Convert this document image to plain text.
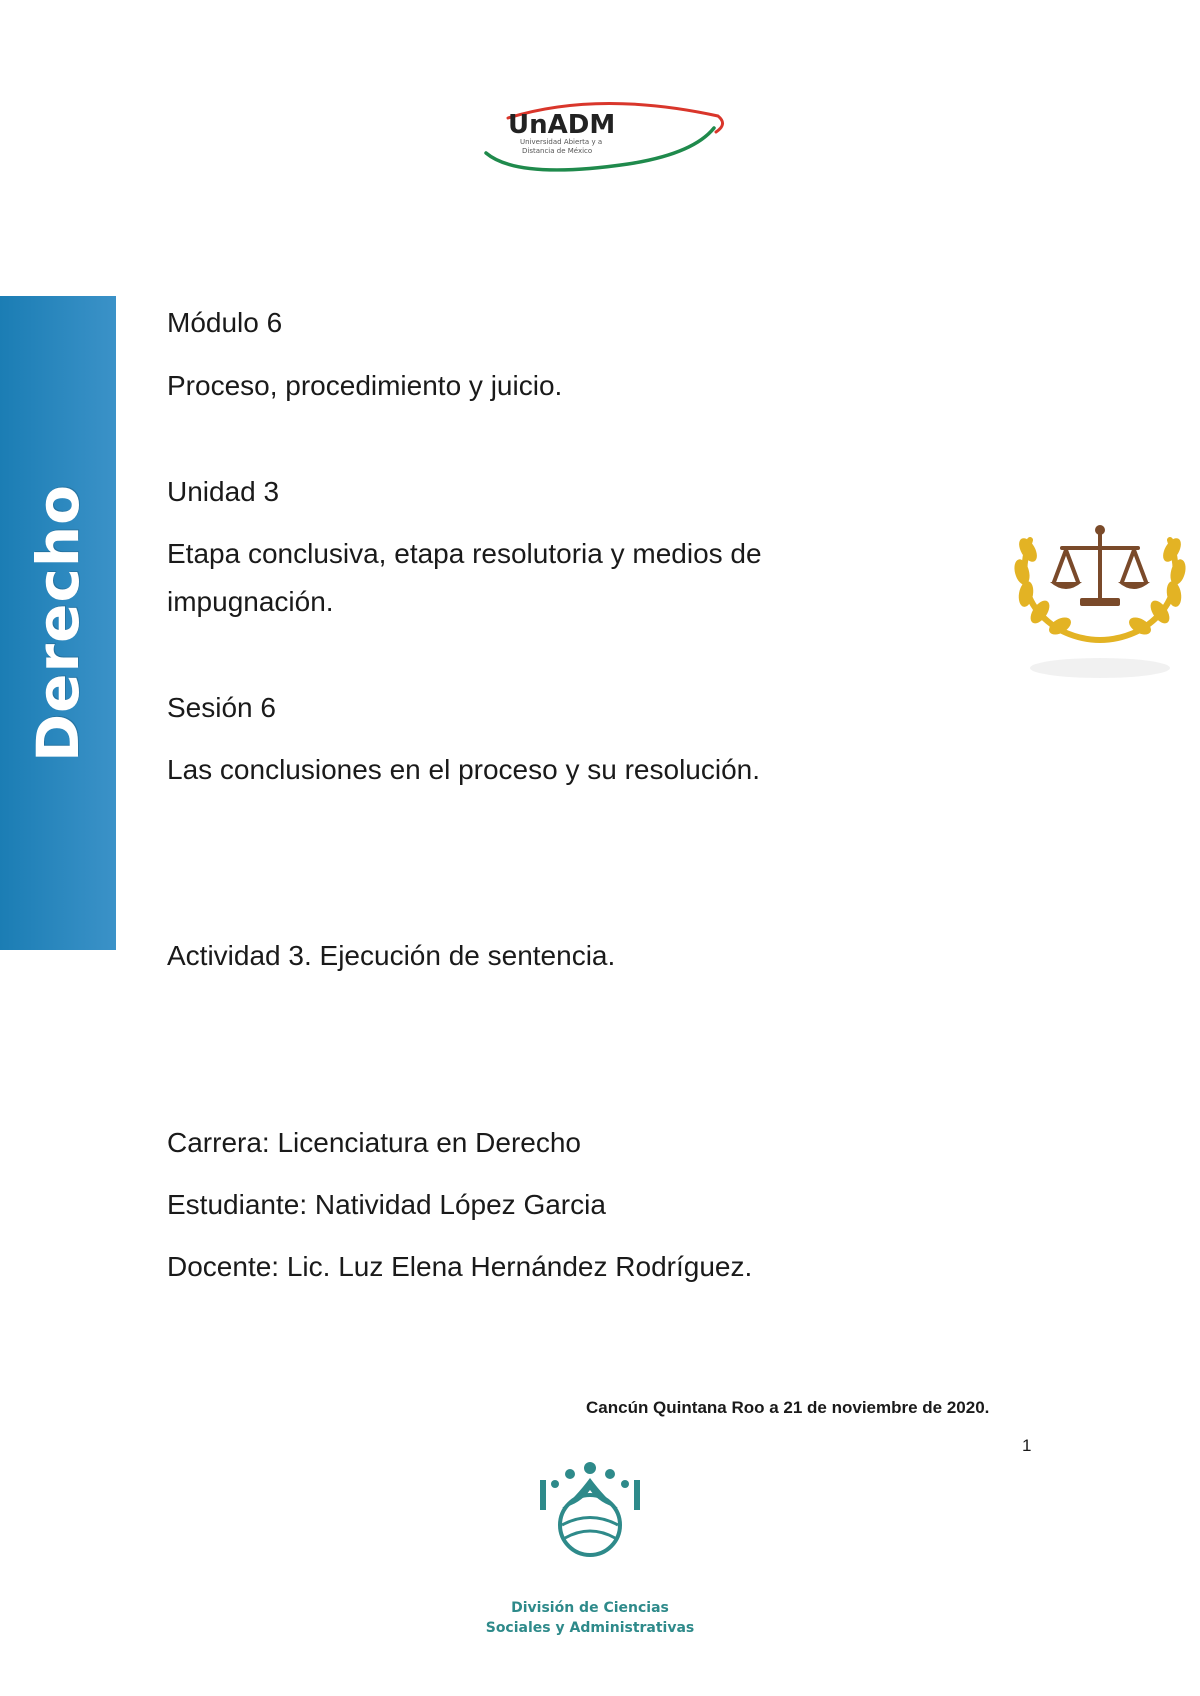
UnADM
Universidad Abierta y a
Distancia de México
Derecho
Módulo 6
Proceso, procedimiento y juicio.
Unidad 3
Etapa conclusiva, etapa resolutoria y medios de
impugnación.
Sesión 6
Las conclusiones en el proceso y su resolución.
Actividad 3. Ejecución de sentencia.
Carrera: Licenciatura en Derecho
Estudiante: Natividad López Garcia
Docente: Lic. Luz Elena Hernández Rodríguez.
Cancún Quintana Roo a 21 de noviembre de 2020.
1
División de Ciencias
Sociales y Administrativas
